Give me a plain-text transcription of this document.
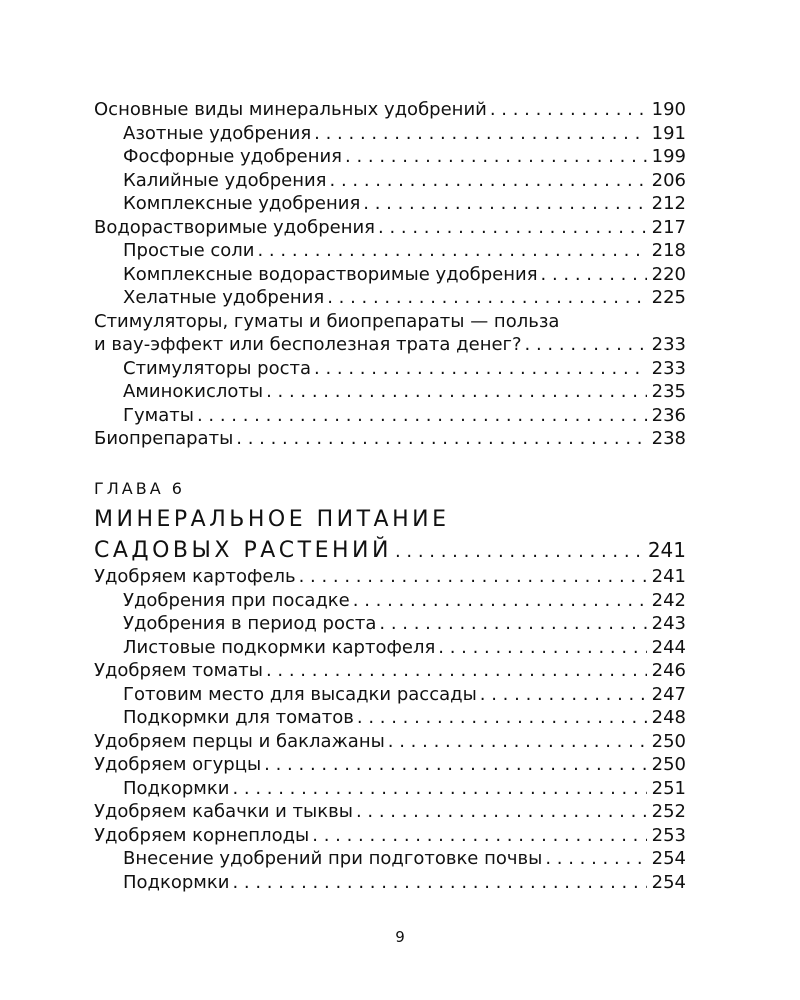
Основные виды минеральных удобрений . . .	190
Азотные удобрения . . .	191
Фосфорные удобрения . . .	199
Калийные удобрения . . .	206
Комплексные удобрения . . .	212
Водорастворимые удобрения . . .	217
Простые соли . . .	218
Комплексные водорастворимые удобрения . . .	220
Хелатные удобрения . . .	225
Стимуляторы, гуматы и биопрепараты — польза
и вау-эффект или бесполезная трата денег? . . .	233
Стимуляторы роста . . .	233
Аминокислоты . . .	235
Гуматы . . .	236
Биопрепараты . . .	238
ГЛАВА 6
МИНЕРАЛЬНОЕ ПИТАНИЕ
САДОВЫХ РАСТЕНИЙ . . .	241
Удобряем картофель . . .	241
Удобрения при посадке . . .	242
Удобрения в период роста . . .	243
Листовые подкормки картофеля . . .	244
Удобряем томаты . . .	246
Готовим место для высадки рассады . . .	247
Подкормки для томатов . . .	248
Удобряем перцы и баклажаны . . .	250
Удобряем огурцы . . .	250
Подкормки . . .	251
Удобряем кабачки и тыквы . . .	252
Удобряем корнеплоды . . .	253
Внесение удобрений при подготовке почвы . . .	254
Подкормки . . .	254
9
